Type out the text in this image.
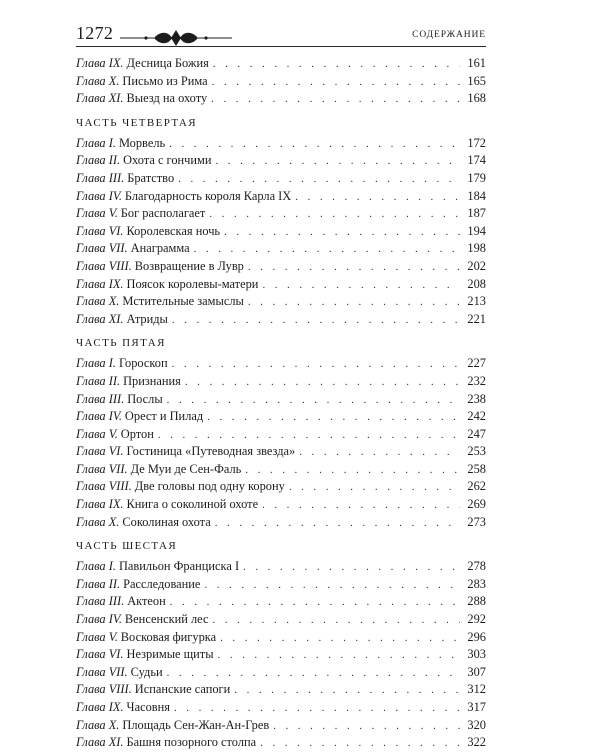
1272	СОДЕРЖАНИЕ
Глава IX. Десница Божия . . .	161
Глава X. Письмо из Рима . . .	165
Глава XI. Выезд на охоту . . .	168
ЧАСТЬ ЧЕТВЕРТАЯ
Глава I. Морвель . . .	172
Глава II. Охота с гончими . . .	174
Глава III. Братство . . .	179
Глава IV. Благодарность короля Карла IX . . .	184
Глава V. Бог располагает . . .	187
Глава VI. Королевская ночь . . .	194
Глава VII. Анаграмма . . .	198
Глава VIII. Возвращение в Лувр . . .	202
Глава IX. Поясок королевы-матери . . .	208
Глава X. Мстительные замыслы . . .	213
Глава XI. Атриды . . .	221
ЧАСТЬ ПЯТАЯ
Глава I. Гороскоп . . .	227
Глава II. Признания . . .	232
Глава III. Послы . . .	238
Глава IV. Орест и Пилад . . .	242
Глава V. Ортон . . .	247
Глава VI. Гостиница «Путеводная звезда» . . .	253
Глава VII. Де Муи де Сен-Фаль . . .	258
Глава VIII. Две головы под одну корону . . .	262
Глава IX. Книга о соколиной охоте . . .	269
Глава X. Соколиная охота . . .	273
ЧАСТЬ ШЕСТАЯ
Глава I. Павильон Франциска I . . .	278
Глава II. Расследование . . .	283
Глава III. Актеон . . .	288
Глава IV. Венсенский лес . . .	292
Глава V. Восковая фигурка . . .	296
Глава VI. Незримые щиты . . .	303
Глава VII. Судьи . . .	307
Глава VIII. Испанские сапоги . . .	312
Глава IX. Часовня . . .	317
Глава X. Площадь Сен-Жан-Ан-Грев . . .	320
Глава XI. Башня позорного столпа . . .	322
